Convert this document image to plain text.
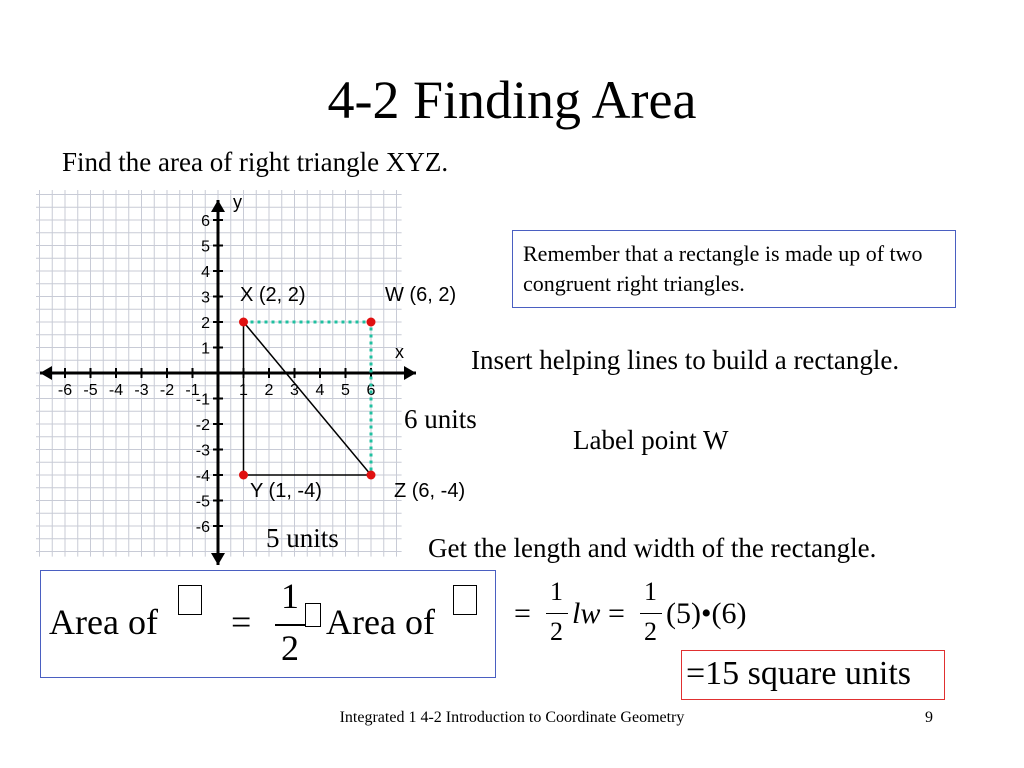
4-2 Finding Area
Find the area of right triangle XYZ.
-6 -5 -4 -3 -2 -1 1 2 3 4 5 6
6
5
4
3
2
1
-1
-2
-3
-4
-5
-6
y
x
X (2, 2)	W (6, 2)
Y (1, -4)	Z (6, -4)
Remember that a rectangle is made up of two congruent right triangles.
Insert helping lines to build a rectangle.
Label point W
6 units
5 units	Get the length and width of the rectangle.
Area of =
1
2
Area of	=
1
2
lw =
1
2
(5)•(6)
=15 square units
Integrated 1 4-2 Introduction to Coordinate Geometry	9
